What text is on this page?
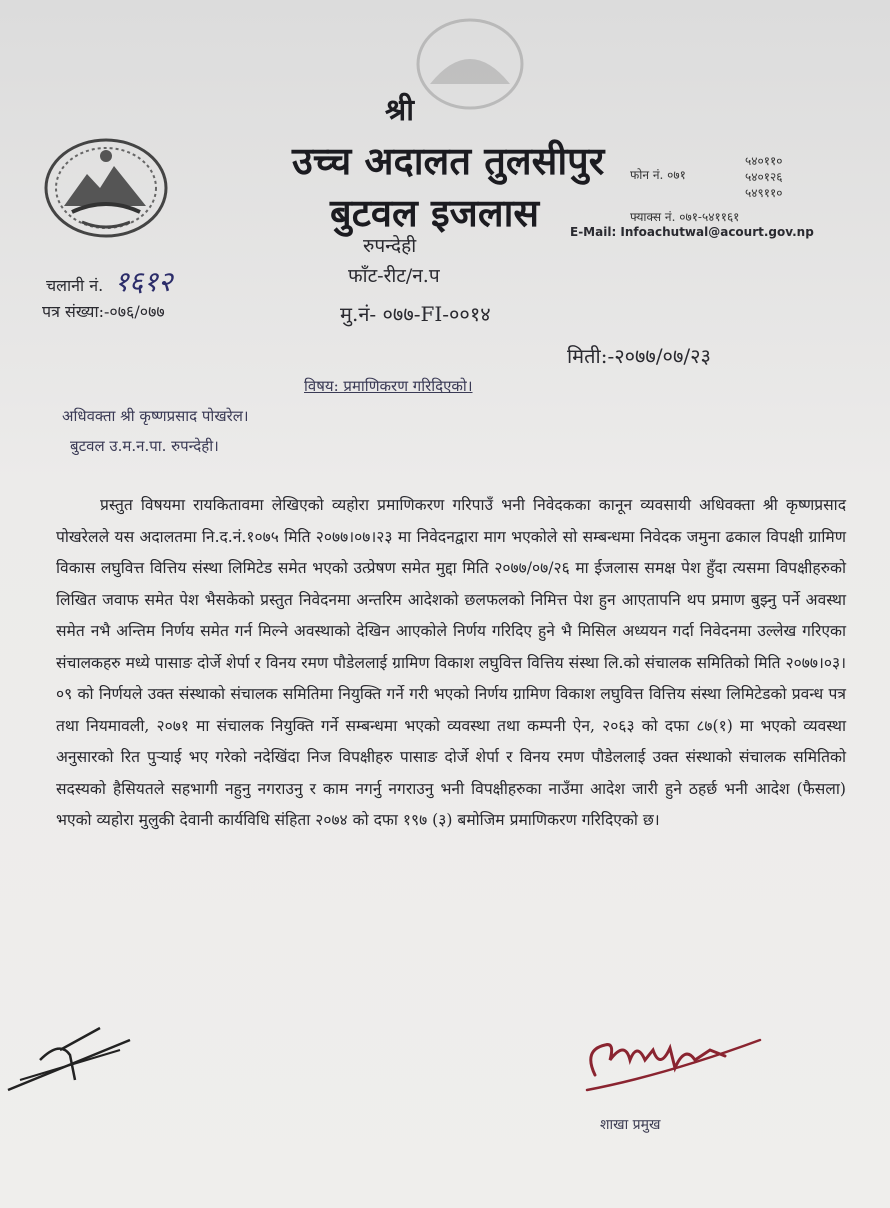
श्री
उच्च अदालत तुलसीपुर
बुटवल इजलास
रुपन्देही
फाँट-रीट/न.प
मु.नं- ०७७-FI-००१४
मिती:-२०७७/०७/२३
फोन नं. ०७१
५४०११०
५४०१२६
५४९११०
फ्याक्स नं. ०७१-५४११६१
E-Mail: Infoachutwal@acourt.gov.np
चलानी नं. १६१२
पत्र संख्या:-०७६/०७७
विषय: प्रमाणिकरण गरिदिएको।
अधिवक्ता श्री कृष्णप्रसाद पोखरेल।
बुटवल उ.म.न.पा. रुपन्देही।

प्रस्तुत विषयमा रायकितावमा लेखिएको व्यहोरा प्रमाणिकरण गरिपाउँ भनी निवेदकका कानून व्यवसायी अधिवक्ता श्री कृष्णप्रसाद पोखरेलले यस अदालतमा नि.द.नं.१०७५ मिति २०७७।०७।२३ मा निवेदनद्वारा माग भएकोले सो सम्बन्धमा निवेदक जमुना ढकाल विपक्षी ग्रामिण विकास लघुवित्त वित्तिय संस्था लिमिटेड समेत भएको उत्प्रेषण समेत मुद्दा मिति २०७७/०७/२६ मा ईजलास समक्ष पेश हुँदा त्यसमा विपक्षीहरुको लिखित जवाफ समेत पेश भैसकेको प्रस्तुत निवेदनमा अन्तरिम आदेशको छलफलको निमित्त पेश हुन आएतापनि थप प्रमाण बुझ्नु पर्ने अवस्था समेत नभै अन्तिम निर्णय समेत गर्न मिल्ने अवस्थाको देखिन आएकोले निर्णय गरिदिए हुने भै मिसिल अध्ययन गर्दा निवेदनमा उल्लेख गरिएका संचालकहरु मध्ये पासाङ दोर्जे शेर्पा र विनय रमण पौडेललाई ग्रामिण विकाश लघुवित्त वित्तिय संस्था लि.को संचालक समितिको मिति २०७७।०३।०९ को निर्णयले उक्त संस्थाको संचालक समितिमा नियुक्ति गर्ने गरी भएको निर्णय ग्रामिण विकाश लघुवित्त वित्तिय संस्था लिमिटेडको प्रवन्ध पत्र तथा नियमावली, २०७१ मा संचालक नियुक्ति गर्ने सम्बन्धमा भएको व्यवस्था तथा कम्पनी ऐन, २०६३ को दफा ८७(१) मा भएको व्यवस्था अनुसारको रित पुर्‍याई भए गरेको नदेखिंदा निज विपक्षीहरु पासाङ दोर्जे शेर्पा र विनय रमण पौडेललाई उक्त संस्थाको संचालक समितिको सदस्यको हैसियतले सहभागी नहुनु नगराउनु र काम नगर्नु नगराउनु भनी विपक्षीहरुका नाउँमा आदेश जारी हुने ठहर्छ भनी आदेश (फैसला) भएको व्यहोरा मुलुकी देवानी कार्यविधि संहिता २०७४ को दफा १९७ (३) बमोजिम प्रमाणिकरण गरिदिएको छ।

MKY
शाखा प्रमुख
